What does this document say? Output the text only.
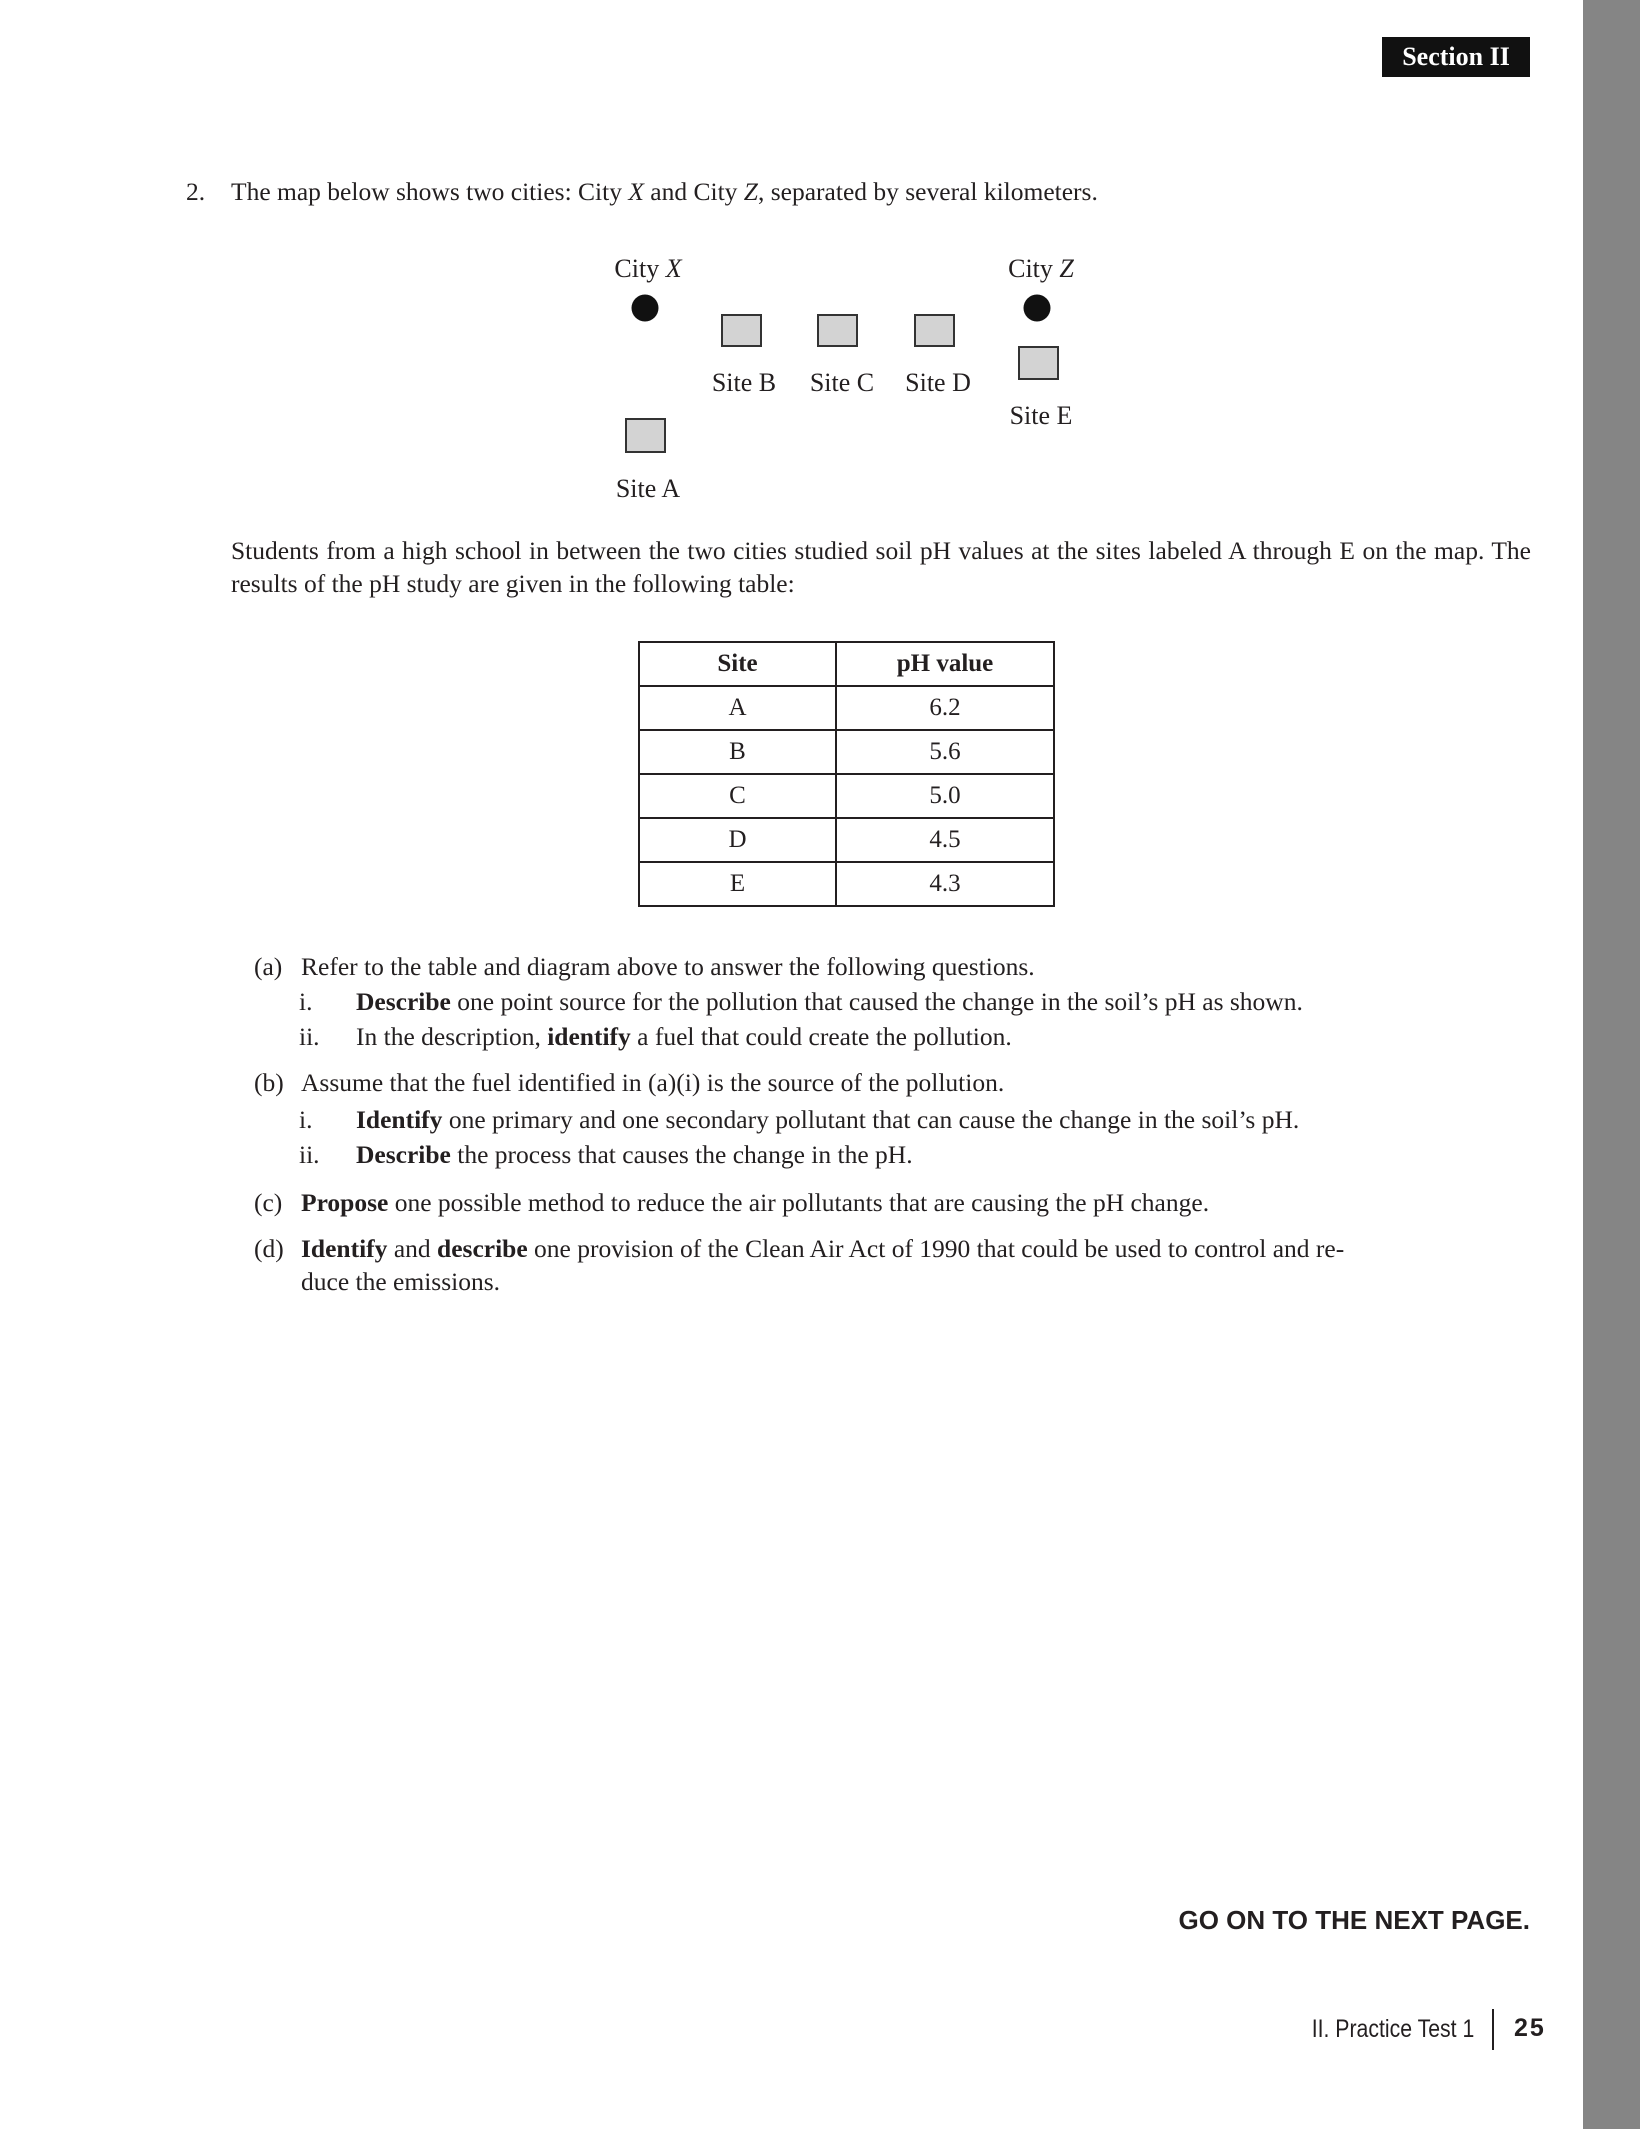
Section II
2. The map below shows two cities: City X and City Z, separated by several kilometers.
City X	City Z
Site A
Site B Site C Site D
Site E
Students from a high school in between the two cities studied soil pH values at the sites labeled A through E on the map. The results of the pH study are given in the following table:
Site	pH value
A	6.2
B	5.6
C	5.0
D	4.5
E	4.3
(a) Refer to the table and diagram above to answer the following questions.
i. Describe one point source for the pollution that caused the change in the soil’s pH as shown.
ii. In the description, identify a fuel that could create the pollution.
(b) Assume that the fuel identified in (a)(i) is the source of the pollution.
i. Identify one primary and one secondary pollutant that can cause the change in the soil’s pH.
ii. Describe the process that causes the change in the pH.
(c) Propose one possible method to reduce the air pollutants that are causing the pH change.
(d) Identify and describe one provision of the Clean Air Act of 1990 that could be used to control and re-
duce the emissions.
GO ON TO THE NEXT PAGE.
II. Practice Test 1 25
